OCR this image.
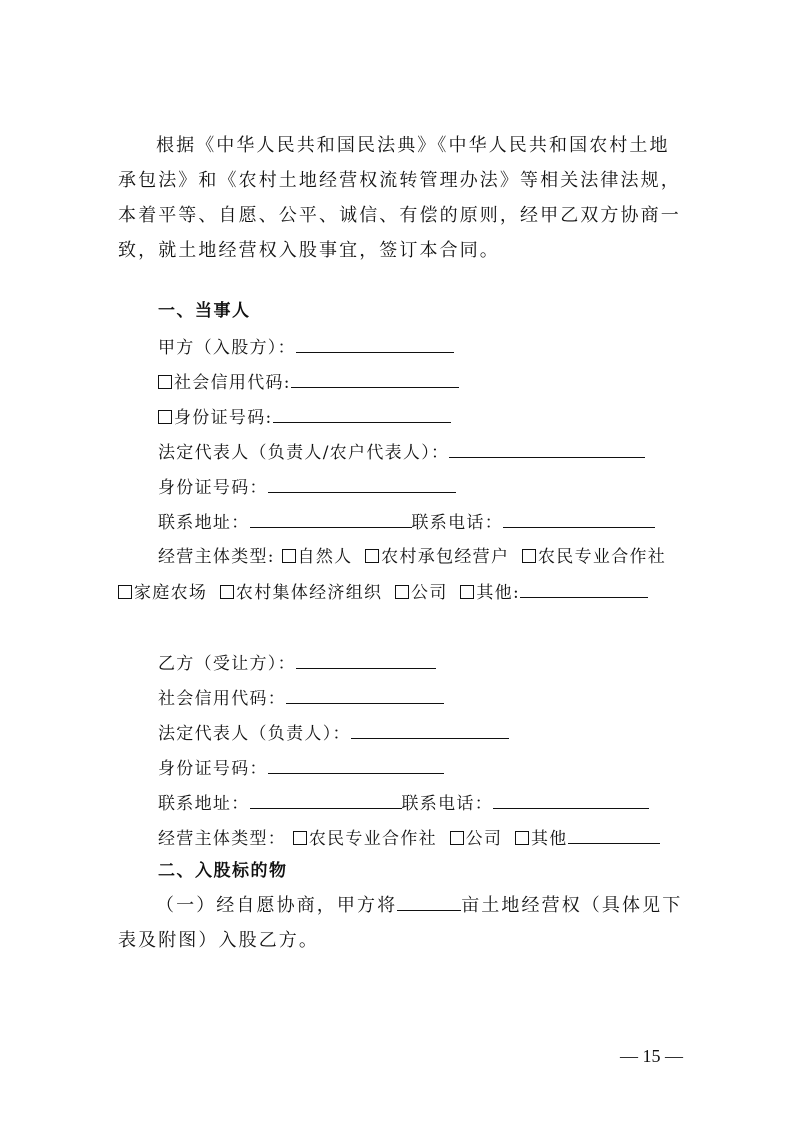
根据《中华人民共和国民法典》《中华人民共和国农村土地承包法》和《农村土地经营权流转管理办法》等相关法律法规，本着平等、自愿、公平、诚信、有偿的原则，经甲乙双方协商一致，就土地经营权入股事宜，签订本合同。

一、当事人
甲方（入股方）：
社会信用代码:
身份证号码:
法定代表人（负责人/农户代表人）：
身份证号码：
联系地址：	联系电话：
经营主体类型: 自然人 农村承包经营户 农民专业合作社
家庭农场 农村集体经济组织 公司 其他:
乙方（受让方）：
社会信用代码：
法定代表人（负责人）：
身份证号码：
联系地址：	联系电话：
经营主体类型： 农民专业合作社 公司 其他
二、入股标的物

（一）经自愿协商，甲方将	亩土地经营权（具体见下表及附图）入股乙方。

— 15 —
